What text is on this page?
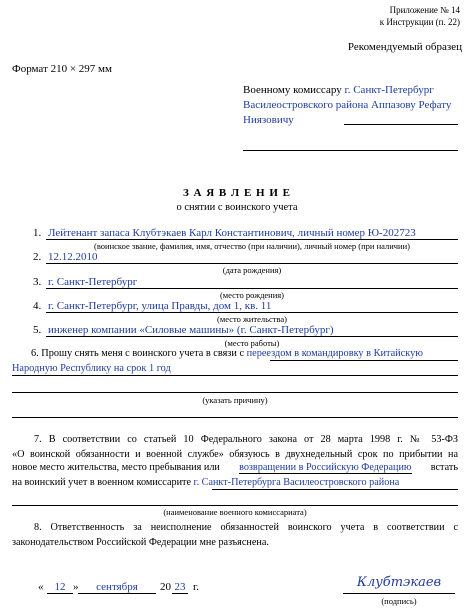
Приложение № 14
к Инструкции (п. 22)
Рекомендуемый образец
Формат 210 × 297 мм
Военному комиссару г. Санкт-Петербург
Василеостровского района Аппазову Рефату
Ниязовичу
З А Я В Л Е Н И Е
о снятии с воинского учета
1. Лейтенант запаса Клубтэкаев Карл Константинович, личный номер Ю-202723
(воинское звание, фамилия, имя, отчество (при наличии), личный номер (при наличии)
2. 12.12.2010
(дата рождения)
3. г. Санкт-Петербург
(место рождения)
4. г. Санкт-Петербург, улица Правды, дом 1, кв. 11
(место жительства)
5. инженер компании «Силовые машины» (г. Санкт-Петербург)
(место работы)
6. Прошу снять меня с воинского учета в связи с переездом в командировку в Китайскую
Народную Республику на срок 1 год
(указать причину)
7. В соответствии со статьей 10 Федерального закона от 28 марта 1998 г. № 53-ФЗ
«О воинской обязанности и военной службе» обязуюсь в двухнедельный срок по прибытии на
новое место жительства, место пребывания или возвращении в Российскую Федерацию встать
на воинский учет в военном комиссарите г. Санкт-Петербурга Василеостровского района
(наименование военного комиссариата)
8. Ответственность за неисполнение обязанностей воинского учета в соответствии с
законодательством Российской Федерации мне разъяснена.
«	12 »	сентября	20 23 г.	Клубтэкаев
(подпись)
